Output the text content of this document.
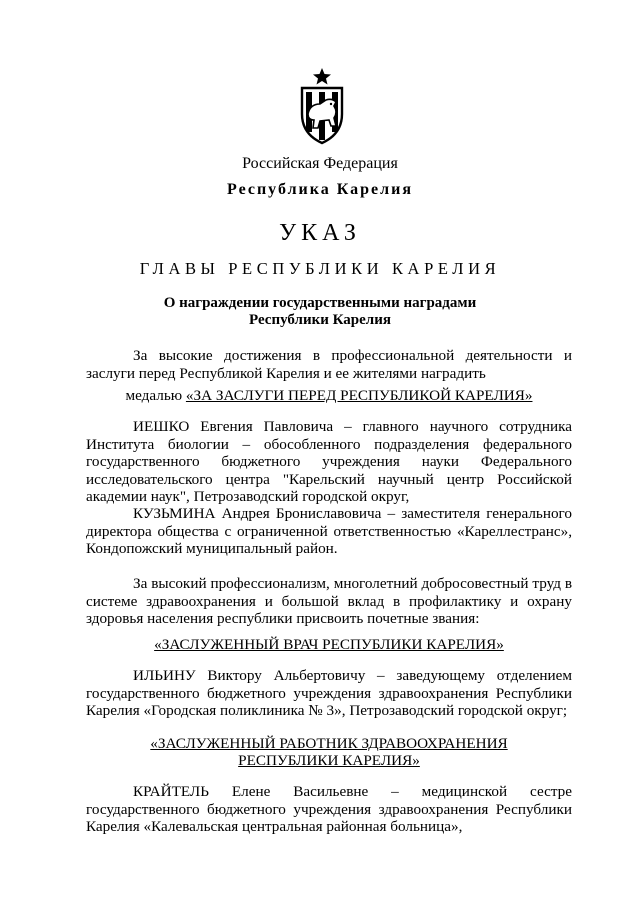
Российская Федерация
Республика Карелия
УКАЗ
ГЛАВЫ РЕСПУБЛИКИ КАРЕЛИЯ
О награждении государственными наградами
Республики Карелия
За высокие достижения в профессиональной деятельности и заслуги перед Республикой Карелия и ее жителями наградить
медалью «ЗА ЗАСЛУГИ ПЕРЕД РЕСПУБЛИКОЙ КАРЕЛИЯ»
ИЕШКО Евгения Павловича – главного научного сотрудника Института биологии – обособленного подразделения федерального государственного бюджетного учреждения науки Федерального исследовательского центра "Карельский научный центр Российской академии наук", Петрозаводский городской округ,
КУЗЬМИНА Андрея Брониславовича – заместителя генерального директора общества с ограниченной ответственностью «Кареллестранс», Кондопожский муниципальный район.
За высокий профессионализм, многолетний добросовестный труд в системе здравоохранения и большой вклад в профилактику и охрану здоровья населения республики присвоить почетные звания:
«ЗАСЛУЖЕННЫЙ ВРАЧ РЕСПУБЛИКИ КАРЕЛИЯ»
ИЛЬИНУ Виктору Альбертовичу – заведующему отделением государственного бюджетного учреждения здравоохранения Республики Карелия «Городская поликлиника № 3», Петрозаводский городской округ;
«ЗАСЛУЖЕННЫЙ РАБОТНИК ЗДРАВООХРАНЕНИЯ
РЕСПУБЛИКИ КАРЕЛИЯ»
КРАЙТЕЛЬ Елене Васильевне – медицинской сестре государственного бюджетного учреждения здравоохранения Республики Карелия «Калевальская центральная районная больница»,
